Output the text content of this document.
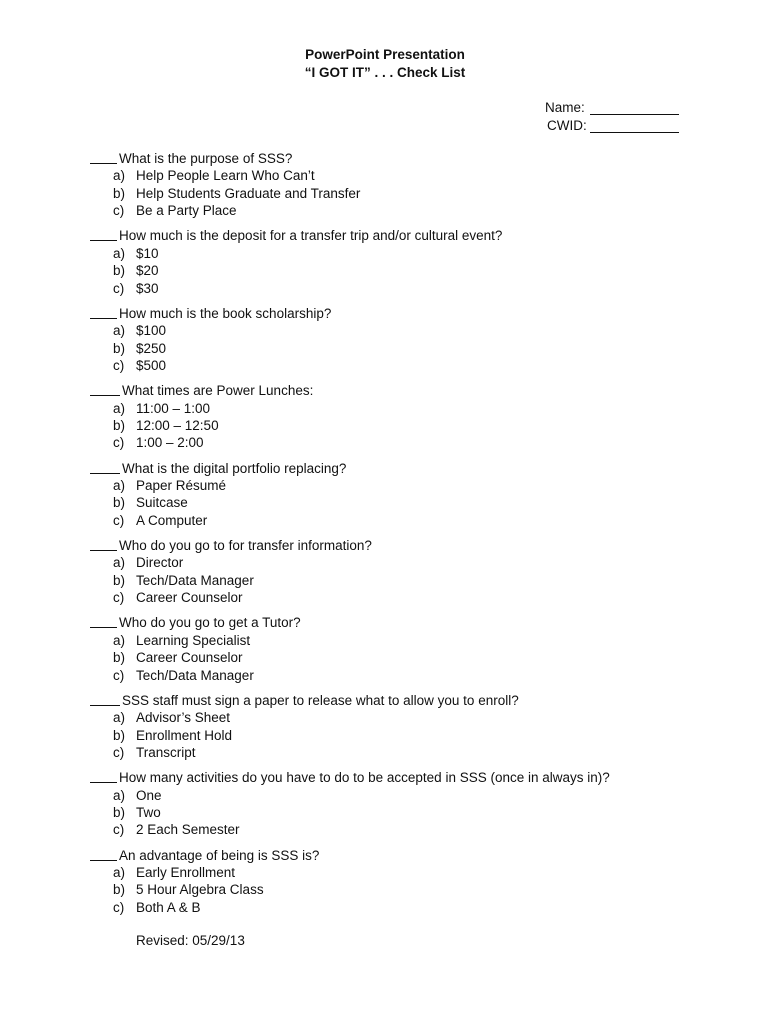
PowerPoint Presentation
“I GOT IT” . . . Check List
Name:
CWID:
What is the purpose of SSS?
a) Help People Learn Who Can’t
b) Help Students Graduate and Transfer
c) Be a Party Place
How much is the deposit for a transfer trip and/or cultural event?
a) $10
b) $20
c) $30
How much is the book scholarship?
a) $100
b) $250
c) $500
What times are Power Lunches:
a) 11:00 – 1:00
b) 12:00 – 12:50
c) 1:00 – 2:00
What is the digital portfolio replacing?
a) Paper Résumé
b) Suitcase
c) A Computer
Who do you go to for transfer information?
a) Director
b) Tech/Data Manager
c) Career Counselor
Who do you go to get a Tutor?
a) Learning Specialist
b) Career Counselor
c) Tech/Data Manager
SSS staff must sign a paper to release what to allow you to enroll?
a) Advisor’s Sheet
b) Enrollment Hold
c) Transcript
How many activities do you have to do to be accepted in SSS (once in always in)?
a) One
b) Two
c) 2 Each Semester
An advantage of being is SSS is?
a) Early Enrollment
b) 5 Hour Algebra Class
c) Both A & B
Revised: 05/29/13
